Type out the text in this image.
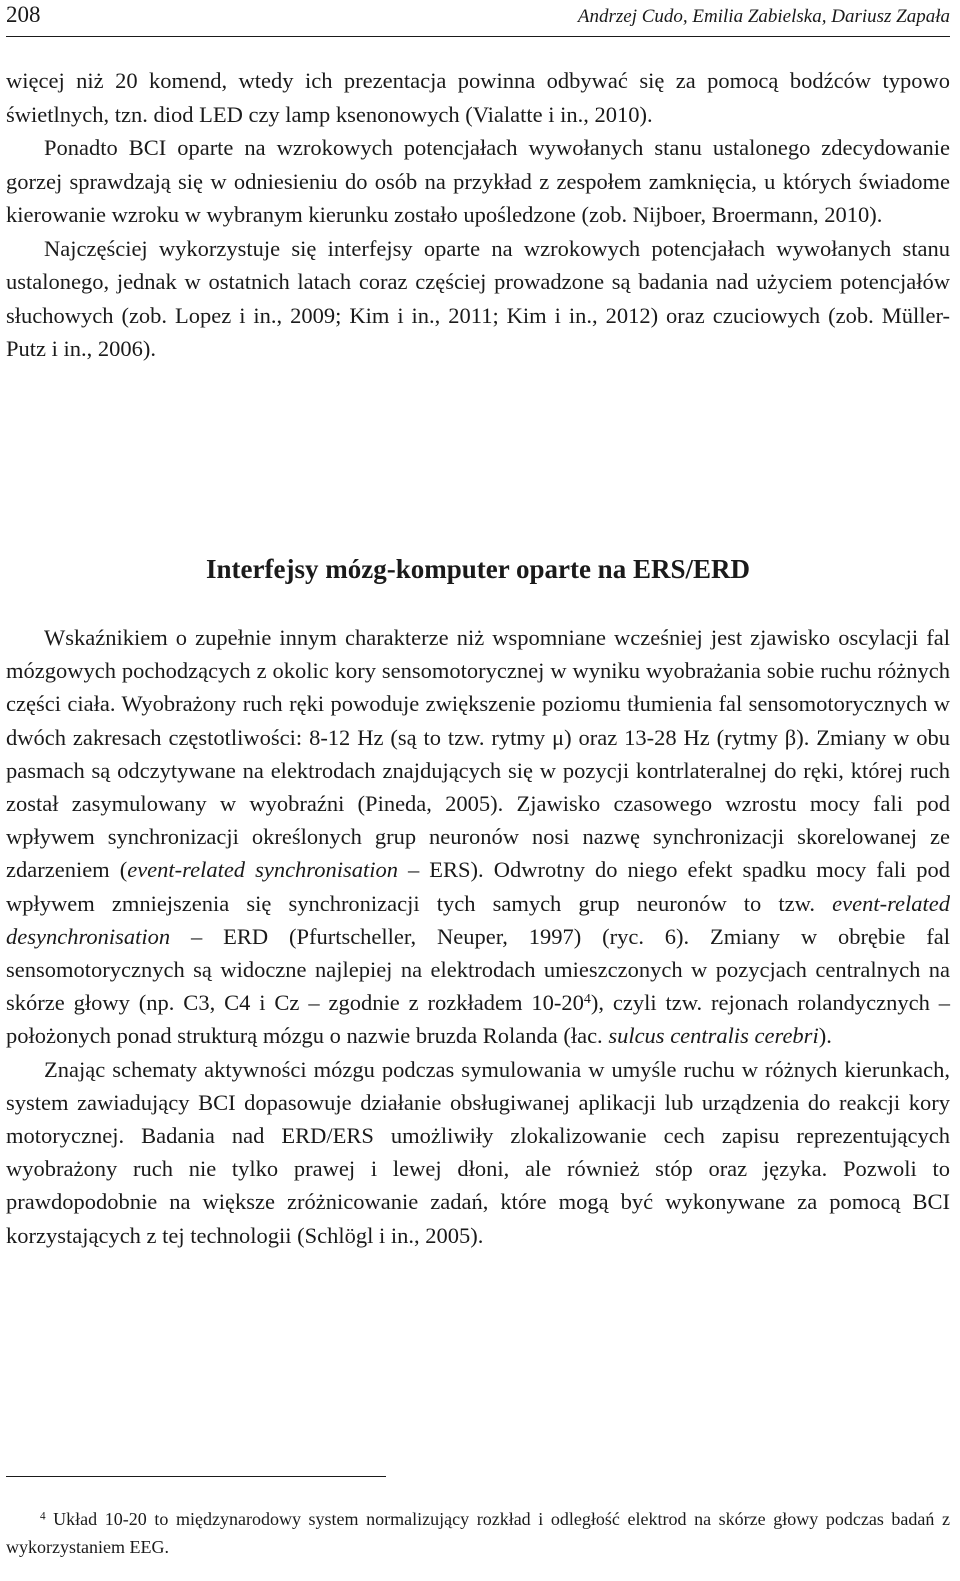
208	Andrzej Cudo, Emilia Zabielska, Dariusz Zapała

więcej niż 20 komend, wtedy ich prezentacja powinna odbywać się za pomocą bodźców typowo świetlnych, tzn. diod LED czy lamp ksenonowych (Vialatte i in., 2010).

Ponadto BCI oparte na wzrokowych potencjałach wywołanych stanu ustalonego zdecydowanie gorzej sprawdzają się w odniesieniu do osób na przykład z zespołem zamknięcia, u których świadome kierowanie wzroku w wybranym kierunku zostało upośledzone (zob. Nijboer, Broermann, 2010).

Najczęściej wykorzystuje się interfejsy oparte na wzrokowych potencjałach wywołanych stanu ustalonego, jednak w ostatnich latach coraz częściej prowadzone są badania nad użyciem potencjałów słuchowych (zob. Lopez i in., 2009; Kim i in., 2011; Kim i in., 2012) oraz czuciowych (zob. Müller-Putz i in., 2006).

Interfejsy mózg-komputer oparte na ERS/ERD

Wskaźnikiem o zupełnie innym charakterze niż wspomniane wcześniej jest zjawisko oscylacji fal mózgowych pochodzących z okolic kory sensomotorycznej w wyniku wyobrażania sobie ruchu różnych części ciała. Wyobrażony ruch ręki powoduje zwiększenie poziomu tłumienia fal sensomotorycznych w dwóch zakresach częstotliwości: 8-12 Hz (są to tzw. rytmy μ) oraz 13-28 Hz (rytmy β). Zmiany w obu pasmach są odczytywane na elektrodach znajdujących się w pozycji kontrlateralnej do ręki, której ruch został zasymulowany w wyobraźni (Pineda, 2005). Zjawisko czasowego wzrostu mocy fali pod wpływem synchronizacji określonych grup neuronów nosi nazwę synchronizacji skorelowanej ze zdarzeniem (event-related synchronisation – ERS). Odwrotny do niego efekt spadku mocy fali pod wpływem zmniejszenia się synchronizacji tych samych grup neuronów to tzw. event-related desynchronisation – ERD (Pfurtscheller, Neuper, 1997) (ryc. 6). Zmiany w obrębie fal sensomotorycznych są widoczne najlepiej na elektrodach umieszczonych w pozycjach centralnych na skórze głowy (np. C3, C4 i Cz – zgodnie z rozkładem $10-20^4$), czyli tzw. rejonach rolandycznych – położonych ponad strukturą mózgu o nazwie bruzda Rolanda (łac. sulcus centralis cerebri).

Znając schematy aktywności mózgu podczas symulowania w umyśle ruchu w różnych kierunkach, system zawiadujący BCI dopasowuje działanie obsługiwanej aplikacji lub urządzenia do reakcji kory motorycznej. Badania nad ERD/ERS umożliwiły zlokalizowanie cech zapisu reprezentujących wyobrażony ruch nie tylko prawej i lewej dłoni, ale również stóp oraz języka. Pozwoli to prawdopodobnie na większe zróżnicowanie zadań, które mogą być wykonywane za pomocą BCI korzystających z tej technologii (Schlögl i in., 2005).

$^4$ Układ 10-20 to międzynarodowy system normalizujący rozkład i odległość elektrod na skórze głowy podczas badań z wykorzystaniem EEG.
